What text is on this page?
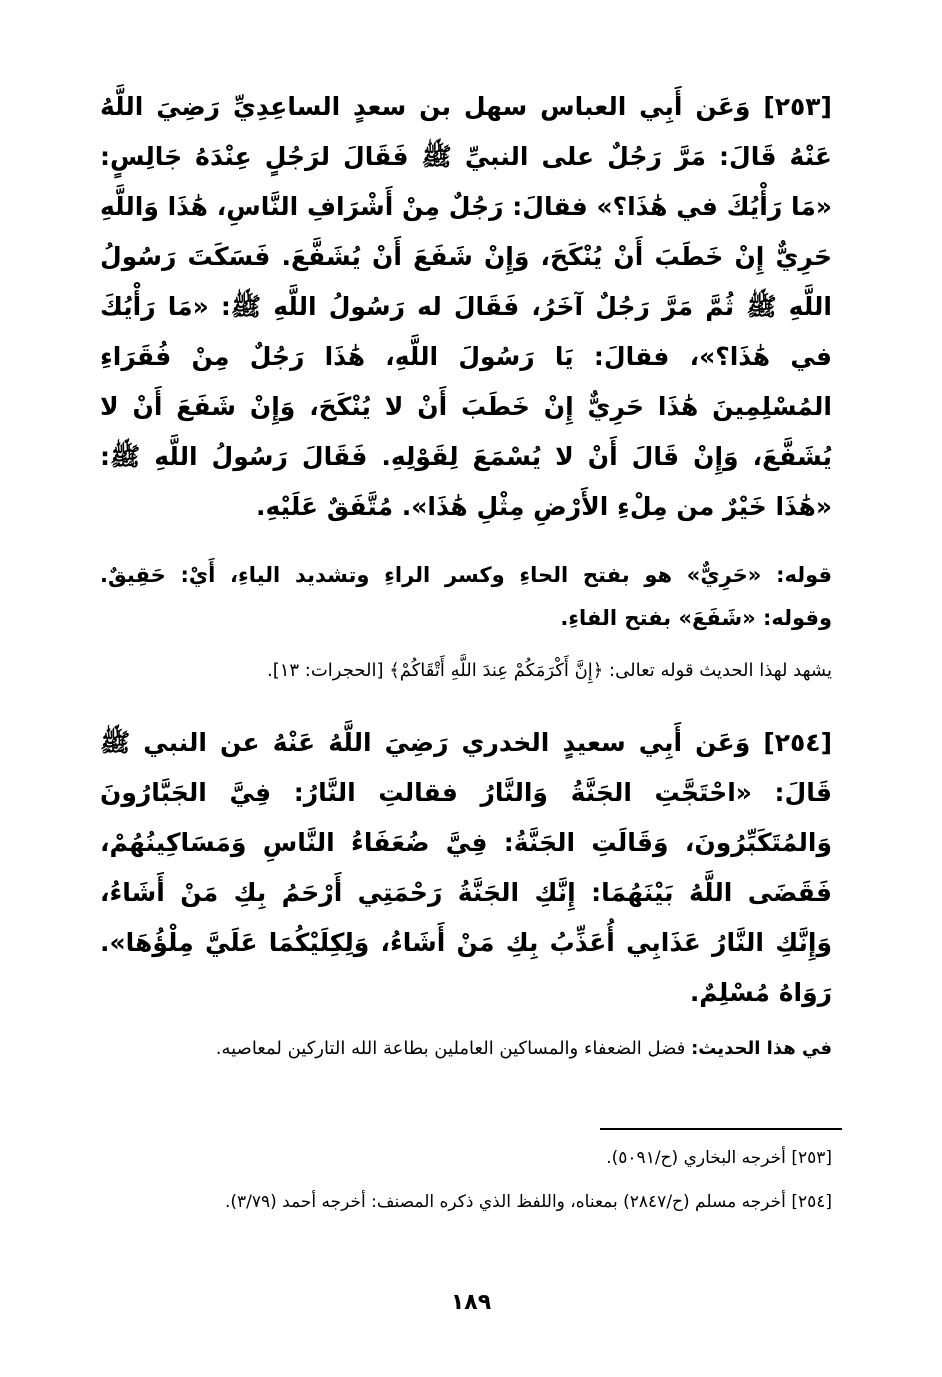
[٢٥٣] وَعَن أَبِي العباس سهل بن سعدٍ الساعِدِيِّ رَضِيَ اللَّهُ عَنْهُ قَالَ: مَرَّ رَجُلٌ على النبيِّ ﷺ فَقَالَ لرَجُلٍ عِنْدَهُ جَالِسٍ: «مَا رَأْيُكَ في هَٰذَا؟» فقالَ: رَجُلٌ مِنْ أَشْرَافِ النَّاسِ، هَٰذَا وَاللَّهِ حَرِيٌّ إِنْ خَطَبَ أَنْ يُنْكَحَ، وَإِنْ شَفَعَ أَنْ يُشَفَّعَ. فَسَكَتَ رَسُولُ اللَّهِ ﷺ ثُمَّ مَرَّ رَجُلٌ آخَرُ، فَقَالَ له رَسُولُ اللَّهِ ﷺ: «مَا رَأْيُكَ في هَٰذَا؟»، فقالَ: يَا رَسُولَ اللَّهِ، هَٰذَا رَجُلٌ مِنْ فُقَرَاءِ المُسْلِمِينَ هَٰذَا حَرِيٌّ إِنْ خَطَبَ أَنْ لا يُنْكَحَ، وَإِنْ شَفَعَ أَنْ لا يُشَفَّعَ، وَإِنْ قَالَ أَنْ لا يُسْمَعَ لِقَوْلِهِ. فَقَالَ رَسُولُ اللَّهِ ﷺ: «هَٰذَا خَيْرٌ من مِلْءِ الأَرْضِ مِثْلِ هَٰذَا». مُتَّفَقٌ عَلَيْهِ.

قوله: «حَرِيٌّ» هو بفتح الحاءِ وكسر الراءِ وتشديد الياءِ، أَيْ: حَقِيقٌ. وقوله: «شَفَعَ» بفتح الفاءِ.

يشهد لهذا الحديث قوله تعالى: ﴿إِنَّ أَكْرَمَكُمْ عِندَ اللَّهِ أَتْقَاكُمْ﴾ [الحجرات: ١٣].

[٢٥٤] وَعَن أَبِي سعيدٍ الخدري رَضِيَ اللَّهُ عَنْهُ عن النبي ﷺ قَالَ: «احْتَجَّتِ الجَنَّةُ وَالنَّارُ فقالتِ النَّارُ: فِيَّ الجَبَّارُونَ وَالمُتَكَبِّرُونَ، وَقَالَتِ الجَنَّةُ: فِيَّ ضُعَفَاءُ النَّاسِ وَمَسَاكِينُهُمْ، فَقَضَى اللَّهُ بَيْنَهُمَا: إِنَّكِ الجَنَّةُ رَحْمَتِي أَرْحَمُ بِكِ مَنْ أَشَاءُ، وَإِنَّكِ النَّارُ عَذَابِي أُعَذِّبُ بِكِ مَنْ أَشَاءُ، وَلِكِلَيْكُمَا عَلَيَّ مِلْؤُهَا». رَوَاهُ مُسْلِمٌ.

في هذا الحديث: فضل الضعفاء والمساكين العاملين بطاعة الله التاركين لمعاصيه.

[٢٥٣] أخرجه البخاري (ح/٥٠٩١).

[٢٥٤] أخرجه مسلم (ح/٢٨٤٧) بمعناه، واللفظ الذي ذكره المصنف: أخرجه أحمد (٣/٧٩).

١٨٩
